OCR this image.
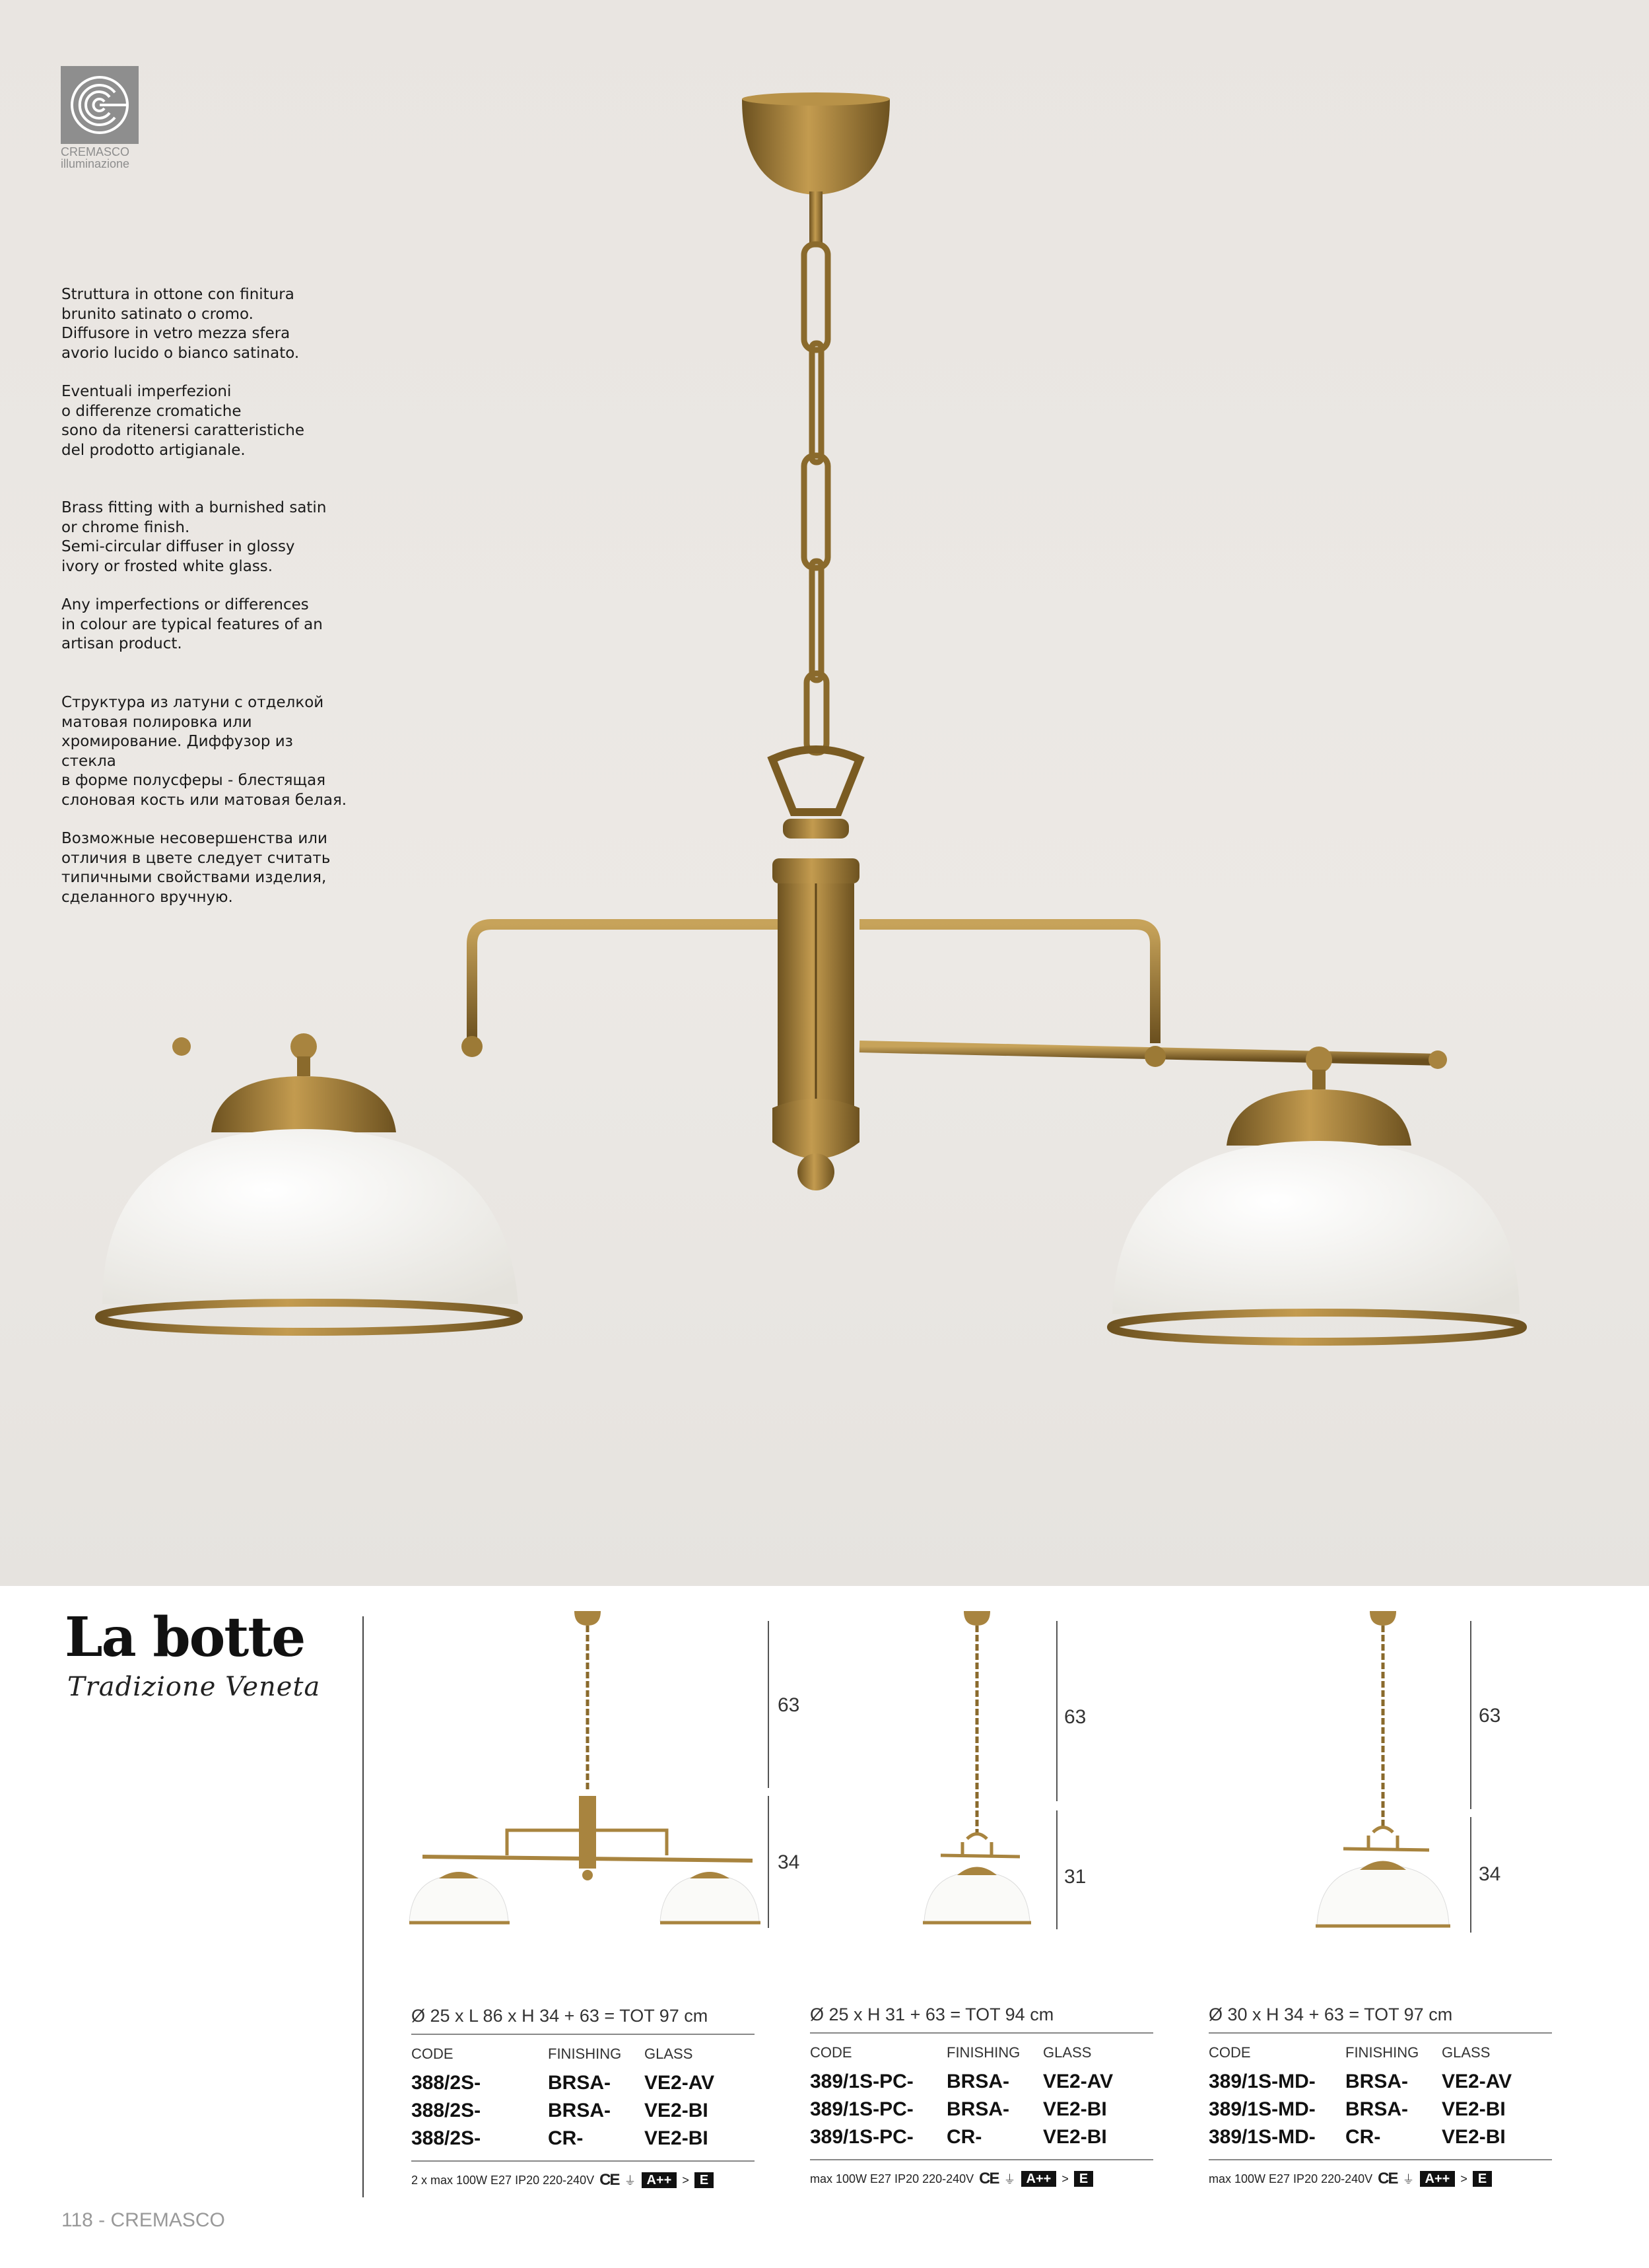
CREMASCO
illuminazione

Struttura in ottone con finitura
brunito satinato o cromo.
Diffusore in vetro mezza sfera
avorio lucido o bianco satinato.

Eventuali imperfezioni
o differenze cromatiche
sono da ritenersi caratteristiche
del prodotto artigianale.

Brass fitting with a burnished satin
or chrome finish.
Semi-circular diffuser in glossy
ivory or frosted white glass.

Any imperfections or differences
in colour are typical features of an
artisan product.

Структура из латуни с отделкой
матовая полировка или
хромирование. Диффузор из стекла
в форме полусферы - блестящая
слоновая кость или матовая белая.

Возможные несовершенства или
отличия в цвете следует считать
типичными свойствами изделия,
сделанного вручную.

La botte
Tradizione Veneta
63
34
Ø 25 x L 86 x H 34 + 63 = TOT 97 cm
CODE	FINISHING GLASS
388/2S-	BRSA- VE2-AV
388/2S-	BRSA- VE2-BI
388/2S-	CR-	VE2-BI
2 x max 100W E27 IP20 220-240V CE ⏚ A++ > E
63
31
Ø 25 x H 31 + 63 = TOT 94 cm
CODE	FINISHING GLASS
389/1S-PC- BRSA- VE2-AV
389/1S-PC- BRSA- VE2-BI
389/1S-PC- CR-	VE2-BI
max 100W E27 IP20 220-240V CE ⏚ A++ > E
63
34
Ø 30 x H 34 + 63 = TOT 97 cm
CODE	FINISHING GLASS
389/1S-MD- BRSA- VE2-AV
389/1S-MD- BRSA- VE2-BI
389/1S-MD- CR-	VE2-BI
max 100W E27 IP20 220-240V CE ⏚ A++ > E
118 - CREMASCO
